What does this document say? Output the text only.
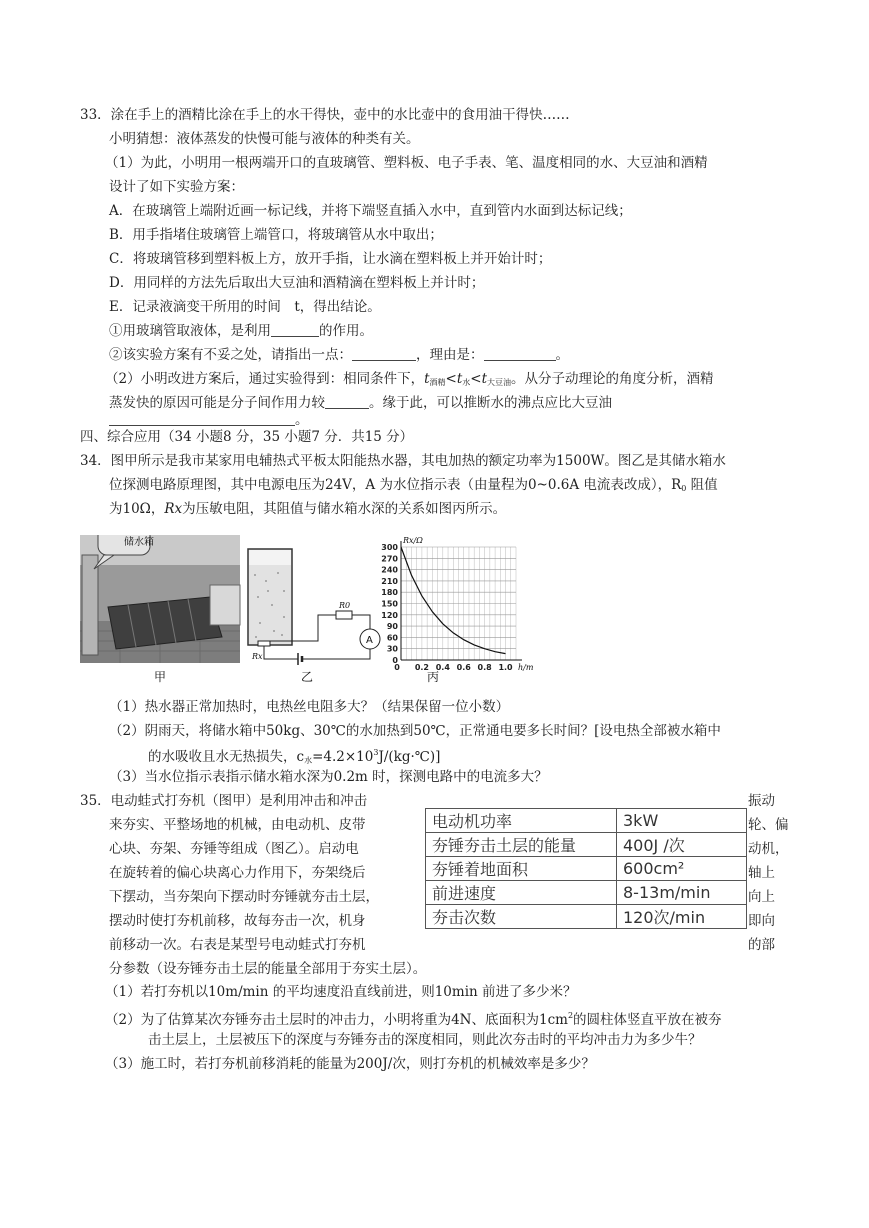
33．涂在手上的酒精比涂在手上的水干得快，壶中的水比壶中的食用油干得快……
小明猜想：液体蒸发的快慢可能与液体的种类有关。
（1）为此，小明用一根两端开口的直玻璃管、塑料板、电子手表、笔、温度相同的水、大豆油和酒精
设计了如下实验方案：
A．在玻璃管上端附近画一标记线，并将下端竖直插入水中，直到管内水面到达标记线；
B．用手指堵住玻璃管上端管口，将玻璃管从水中取出；
C．将玻璃管移到塑料板上方，放开手指，让水滴在塑料板上并开始计时；
D．用同样的方法先后取出大豆油和酒精滴在塑料板上并计时；
E．记录液滴变干所用的时间　t，得出结论。
①用玻璃管取液体，是利用	的作用。
②该实验方案有不妥之处，请指出一点：	，理由是：	。
（2）小明改进方案后，通过实验得到：相同条件下，$t_{酒精}<t_水<t_{大豆油}$。从分子动理论的角度分析，酒精
蒸发快的原因可能是分子间作用力较	。缘于此，可以推断水的沸点应比大豆油
。
四、综合应用（34 小题8 分，35 小题7 分．共15 分）
34．图甲所示是我市某家用电辅热式平板太阳能热水器，其电加热的额定功率为1500W。图乙是其储水箱水
位探测电路原理图，其中电源电压为24V，A 为水位指示表（由量程为0~0.6A 电流表改成），$R_0$ 阻值
为10Ω，Rx为压敏电阻，其阻值与储水箱水深的关系如图丙所示。
储水箱
甲
A
R0
Rx
乙
0
30
60
90
120
150
180
210
240
270
300
0.2 0.4 0.6 0.8 1.0
0
Rx/Ω
h/m
丙
（1）热水器正常加热时，电热丝电阻多大？（结果保留一位小数）
（2）阴雨天，将储水箱中50kg、30℃的水加热到50℃，正常通电要多长时间？[设电热全部被水箱中
的水吸收且水无热损失，$c_水=4.2\times 10^3J/(kg\cdot℃)$]
（3）当水位指示表指示储水箱水深为0.2m 时，探测电路中的电流多大？
35．电动蛙式打夯机（图甲）是利用冲击和冲击
来夯实、平整场地的机械，由电动机、皮带
心块、夯架、夯锤等组成（图乙）。启动电
在旋转着的偏心块离心力作用下，夯架绕后
下摆动，当夯架向下摆动时夯锤就夯击土层，
摆动时使打夯机前移，故每夯击一次，机身
前移动一次。右表是某型号电动蛙式打夯机
分参数（设夯锤夯击土层的能量全部用于夯实土层）。
振动
轮、偏
动机，
轴上
向上
即向
的部
电动机功率	3kW
夯锤夯击土层的能量	400J /次
夯锤着地面积	600cm²
前进速度	8-13m/min
夯击次数	120次/min
（1）若打夯机以10m/min 的平均速度沿直线前进，则10min 前进了多少米？
（2）为了估算某次夯锤夯击土层时的冲击力，小明将重为4N、底面积为$1cm^2$的圆柱体竖直平放在被夯
击土层上，土层被压下的深度与夯锤夯击的深度相同，则此次夯击时的平均冲击力为多少牛？
（3）施工时，若打夯机前移消耗的能量为200J/次，则打夯机的机械效率是多少？
